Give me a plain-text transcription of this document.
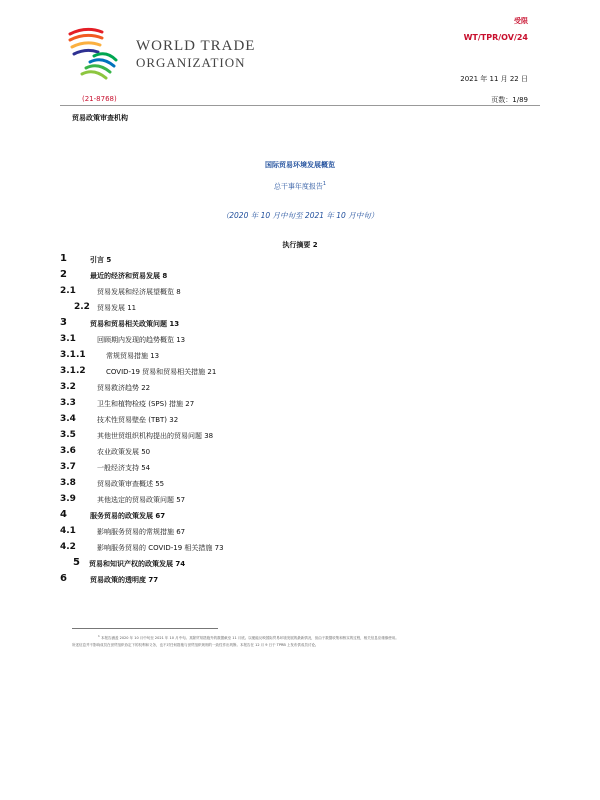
WORLD TRADE
ORGANIZATION
受限
WT/TPR/OV/24
2021 年 11 月 22 日
(21-8768)	页数：1/89
贸易政策审查机构
国际贸易环境发展概览
总干事年度报告$^1$
（2020 年 10 月中旬至 2021 年 10 月中旬）
执行摘要 2
1	引言 5
2	最近的经济和贸易发展 8
2.1	贸易发展和经济展望概览 8
2.2 贸易发展 11
3	贸易和贸易相关政策问题 13
3.1	回顾期内发现的趋势概览 13
3.1.1	常规贸易措施 13
3.1.2	COVID-19 贸易和贸易相关措施 21
3.2	贸易救济趋势 22
3.3	卫生和植物检疫 (SPS) 措施 27
3.4	技术性贸易壁垒 (TBT) 32
3.5	其他世贸组织机构提出的贸易问题 38
3.6	农业政策发展 50
3.7	一般经济支持 54
3.8	贸易政策审查概述 55
3.9	其他选定的贸易政策问题 57
4	服务贸易的政策发展 67
4.1	影响服务贸易的常规措施 67
4.2	影响服务贸易的 COVID-19 相关措施 73
5 贸易和知识产权的政策发展 74
6	贸易政策的透明度 77
$^1$ 本报告涵盖 2020 年 10 月中旬至 2021 年 10 月中旬。其除贸易措施外的数据截至 11 月底。以便能反映国际贸易环境发展的最新情况，但由于数据收集和核实的过程，相关信息应谨慎使用。
所述信息并不影响成员在世贸组织协定下的权利和义务，也不对任何措施与世贸组织规则的一致性作出判断。本报告在 12 月 9 日于 TPRB 上发布供成员讨论。
